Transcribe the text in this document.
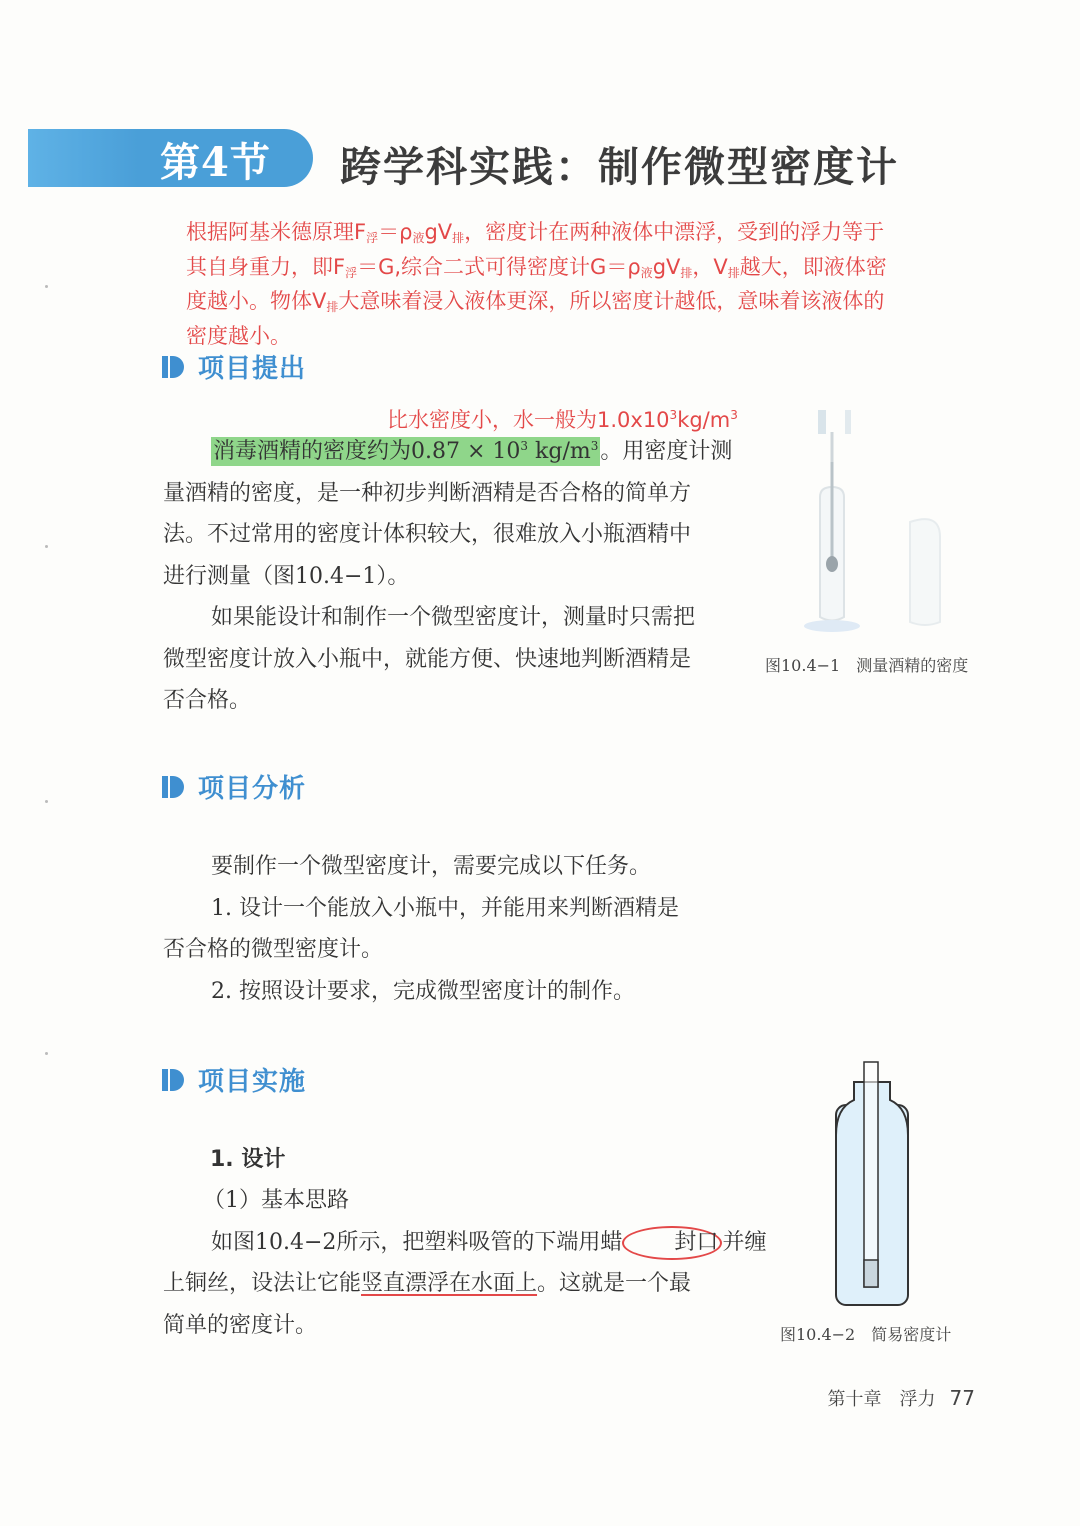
第4节 跨学科实践：制作微型密度计

根据阿基米德原理$F_浮=\rho_液gV_排$，密度计在两种液体中漂浮，受到的浮力等于

其自身重力，即$F_浮=G$,综合二式可得密度计$G=\rho_液gV_排$，$V_排$越大，即液体密

度越小。物体$V_排$大意味着浸入液体更深，所以密度计越低，意味着该液体的

密度越小。

项目提出
比水密度小，水一般为$1.0x10^3kg/m^3$

消毒酒精的密度约为$0.87 \times 10^3$ $kg/m^3$。用密度计测

量酒精的密度，是一种初步判断酒精是否合格的简单方

法。不过常用的密度计体积较大，很难放入小瓶酒精中

进行测量（图10.4−1）。

如果能设计和制作一个微型密度计，测量时只需把

微型密度计放入小瓶中，就能方便、快速地判断酒精是

否合格。

图10.4−1　测量酒精的密度
项目分析

要制作一个微型密度计，需要完成以下任务。

1. 设计一个能放入小瓶中，并能用来判断酒精是

否合格的微型密度计。

2. 按照设计要求，完成微型密度计的制作。

项目实施
1. 设计

（1）基本思路

如图10.4−2所示，把塑料吸管的下端用蜡 封口 并缠

上铜丝，设法让它能竖直漂浮在水面上。这就是一个最

简单的密度计。	图10.4−2　简易密度计
第十章　浮力 77
